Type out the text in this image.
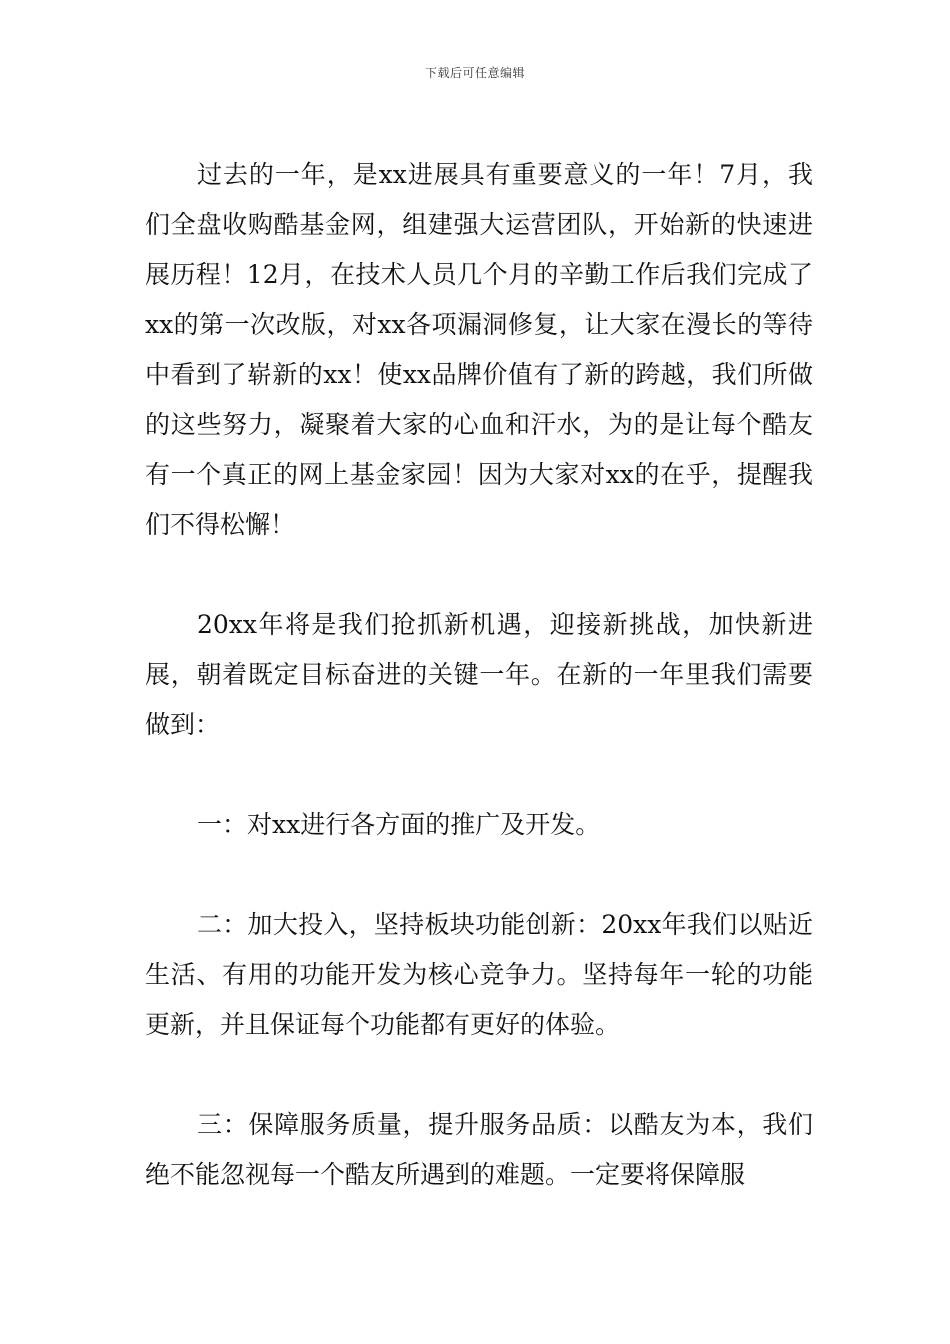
下载后可任意编辑

过去的一年，是xx进展具有重要意义的一年！7月，我们全盘收购酷基金网，组建强大运营团队，开始新的快速进展历程！12月，在技术人员几个月的辛勤工作后我们完成了xx的第一次改版，对xx各项漏洞修复，让大家在漫长的等待中看到了崭新的xx！使xx品牌价值有了新的跨越，我们所做的这些努力，凝聚着大家的心血和汗水，为的是让每个酷友有一个真正的网上基金家园！因为大家对xx的在乎，提醒我们不得松懈！

20xx年将是我们抢抓新机遇，迎接新挑战，加快新进展，朝着既定目标奋进的关键一年。在新的一年里我们需要做到：

一：对xx进行各方面的推广及开发。

二：加大投入，坚持板块功能创新：20xx年我们以贴近生活、有用的功能开发为核心竞争力。坚持每年一轮的功能更新，并且保证每个功能都有更好的体验。

三：保障服务质量，提升服务品质：以酷友为本，我们绝不能忽视每一个酷友所遇到的难题。一定要将保障服
